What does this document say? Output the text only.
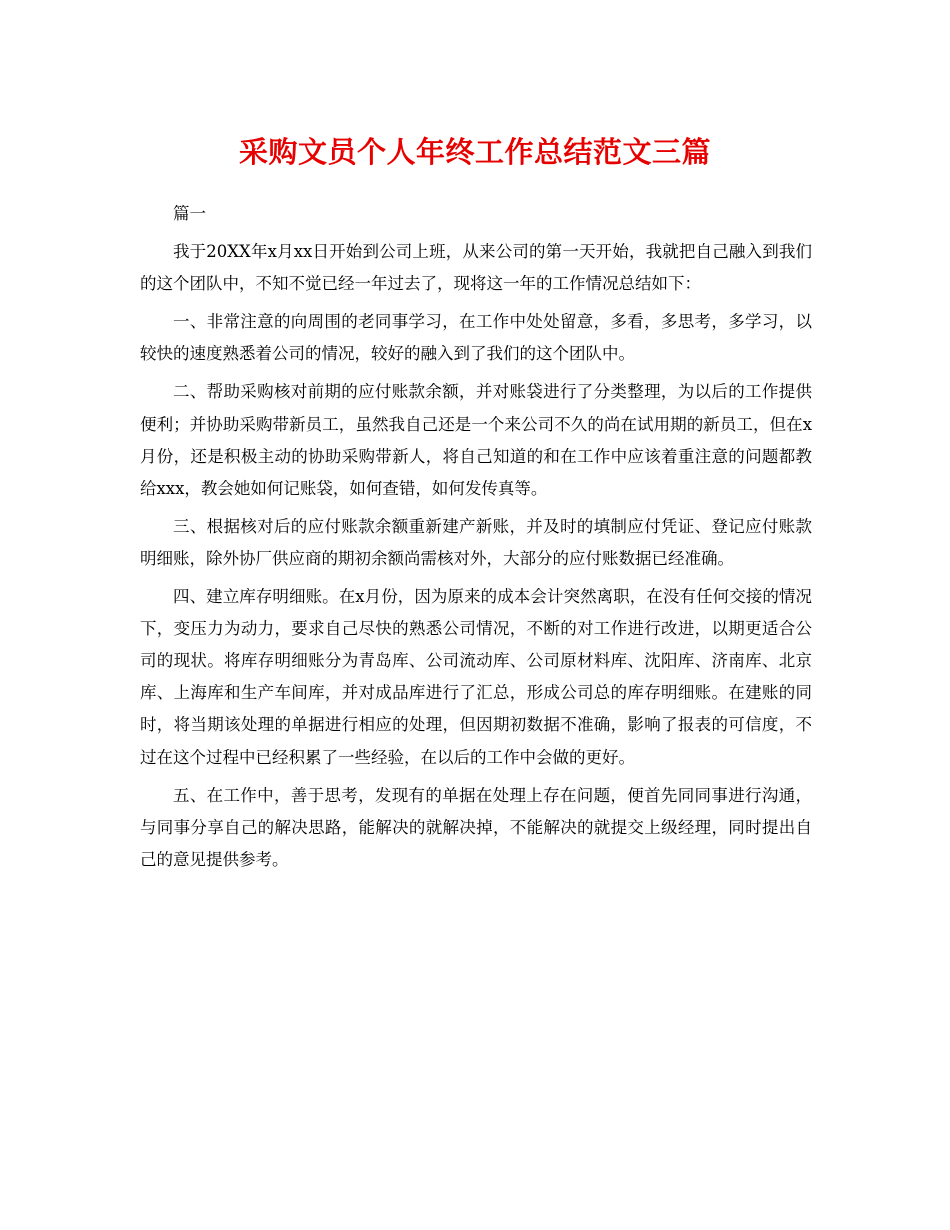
采购文员个人年终工作总结范文三篇

篇一

我于20XX年x月xx日开始到公司上班，从来公司的第一天开始，我就把自己融入到我们的这个团队中，不知不觉已经一年过去了，现将这一年的工作情况总结如下：

一、非常注意的向周围的老同事学习，在工作中处处留意，多看，多思考，多学习，以较快的速度熟悉着公司的情况，较好的融入到了我们的这个团队中。

二、帮助采购核对前期的应付账款余额，并对账袋进行了分类整理，为以后的工作提供便利；并协助采购带新员工，虽然我自己还是一个来公司不久的尚在试用期的新员工，但在x月份，还是积极主动的协助采购带新人，将自己知道的和在工作中应该着重注意的问题都教给xxx，教会她如何记账袋，如何查错，如何发传真等。

三、根据核对后的应付账款余额重新建产新账，并及时的填制应付凭证、登记应付账款明细账，除外协厂供应商的期初余额尚需核对外，大部分的应付账数据已经准确。

四、建立库存明细账。在x月份，因为原来的成本会计突然离职，在没有任何交接的情况下，变压力为动力，要求自己尽快的熟悉公司情况，不断的对工作进行改进，以期更适合公司的现状。将库存明细账分为青岛库、公司流动库、公司原材料库、沈阳库、济南库、北京库、上海库和生产车间库，并对成品库进行了汇总，形成公司总的库存明细账。在建账的同时，将当期该处理的单据进行相应的处理，但因期初数据不准确，影响了报表的可信度，不过在这个过程中已经积累了一些经验，在以后的工作中会做的更好。

五、在工作中，善于思考，发现有的单据在处理上存在问题，便首先同同事进行沟通，与同事分享自己的解决思路，能解决的就解决掉，不能解决的就提交上级经理，同时提出自己的意见提供参考。
